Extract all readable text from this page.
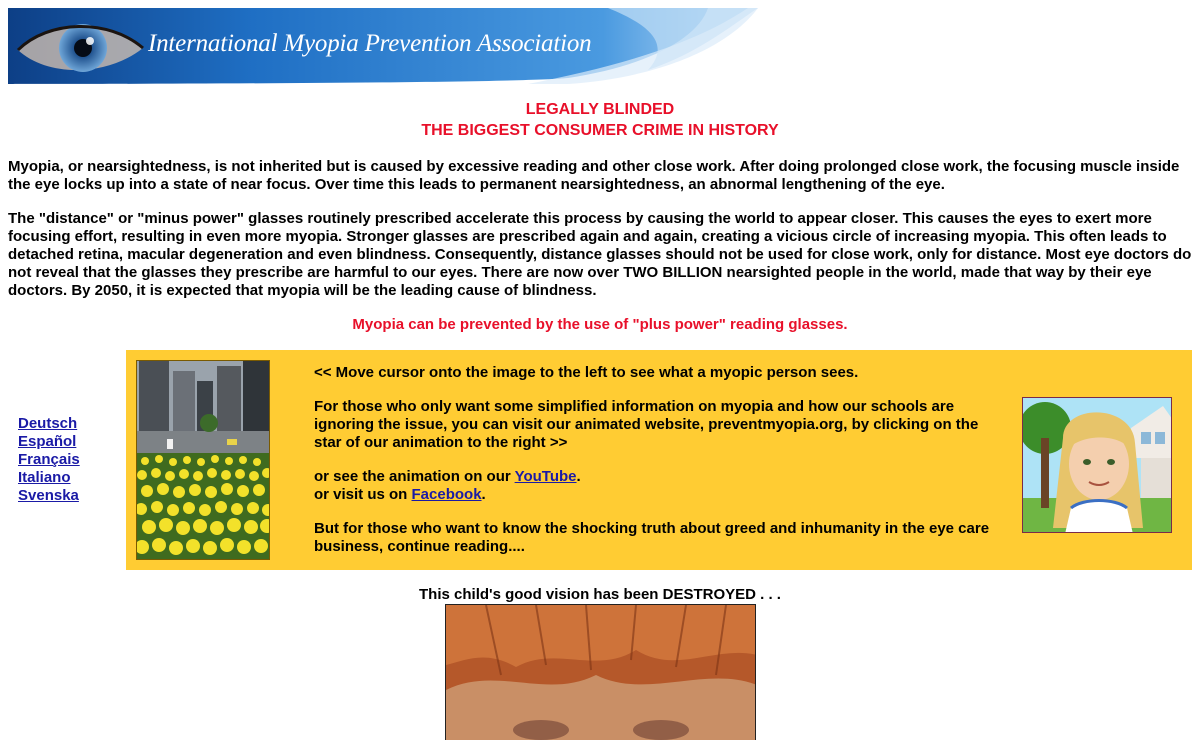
International Myopia Prevention Association
LEGALLY BLINDED
THE BIGGEST CONSUMER CRIME IN HISTORY

Myopia, or nearsightedness, is not inherited but is caused by excessive reading and other close work. After doing prolonged close work, the focusing muscle inside the eye locks up into a state of near focus. Over time this leads to permanent nearsightedness, an abnormal lengthening of the eye.

The "distance" or "minus power" glasses routinely prescribed accelerate this process by causing the world to appear closer. This causes the eyes to exert more focusing effort, resulting in even more myopia. Stronger glasses are prescribed again and again, creating a vicious circle of increasing myopia. This often leads to detached retina, macular degeneration and even blindness. Consequently, distance glasses should not be used for close work, only for distance. Most eye doctors do not reveal that the glasses they prescribe are harmful to our eyes. There are now over TWO BILLION nearsighted people in the world, made that way by their eye doctors. By 2050, it is expected that myopia will be the leading cause of blindness.

Myopia can be prevented by the use of "plus power" reading glasses.
Deutsch
Español
Français
Italiano
Svenska

<< Move cursor onto the image to the left to see what a myopic person sees.

For those who only want some simplified information on myopia and how our schools are ignoring the issue, you can visit our animated website, preventmyopia.org, by clicking on the star of our animation to the right >>

or see the animation on our YouTube.
or visit us on Facebook.

But for those who want to know the shocking truth about greed and inhumanity in the eye care business, continue reading....

This child's good vision has been DESTROYED . . .
